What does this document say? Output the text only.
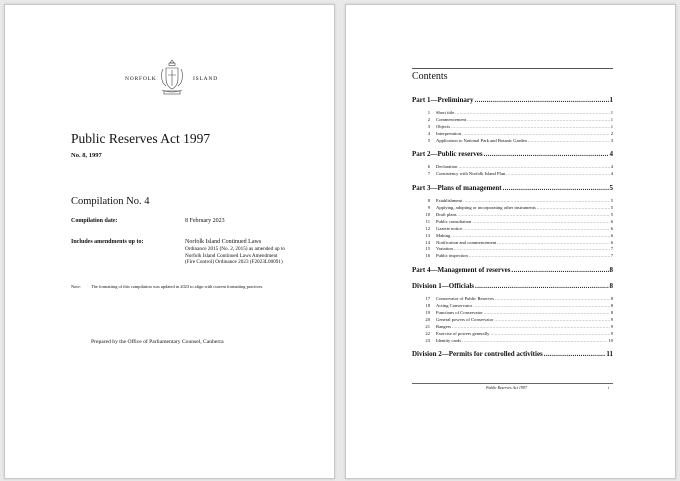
NORFOLK	ISLAND
Public Reserves Act 1997
No. 8, 1997
Compilation No. 4
Compilation date:	8 February 2023
Includes amendments up to:	Norfolk Island Continued Laws
Ordinance 2015 (No. 2, 2015) as amended up to Norfolk Island Continued Laws Amendment (Fire Control) Ordinance 2023 (F2023L00091)
Note: The formatting of this compilation was updated in 2023 to align with current formatting practices.
Prepared by the Office of Parliamentary Counsel, Canberra
Contents
Part 1—Preliminary .....	1
1	Short title .....	1
2	Commencement .....	1
3	Objects .....	1
4	Interpretation .....	2
5	Application to National Park and Botanic Garden .....	3
Part 2—Public reserves .....	4
6	Declaration .....	4
7	Consistency with Norfolk Island Plan .....	4
Part 3—Plans of management .....	5
8	Establishment .....	5
9	Applying, adopting or incorporating other instruments .....	5
10	Draft plans .....	5
11	Public consultation .....	6
12	Gazette notice .....	6
13	Making .....	6
14	Notification and commencement .....	6
15	Variation .....	7
16	Public inspection .....	7
Part 4—Management of reserves .....	8
Division 1—Officials .....	8
17	Conservator of Public Reserves .....	8
18	Acting Conservator .....	8
19	Functions of Conservator .....	8
20	General powers of Conservator .....	9
21	Rangers .....	9
22	Exercise of powers generally .....	9
23	Identity cards .....	10
Division 2—Permits for controlled activities .....	11
Public Reserves Act 1997	i
